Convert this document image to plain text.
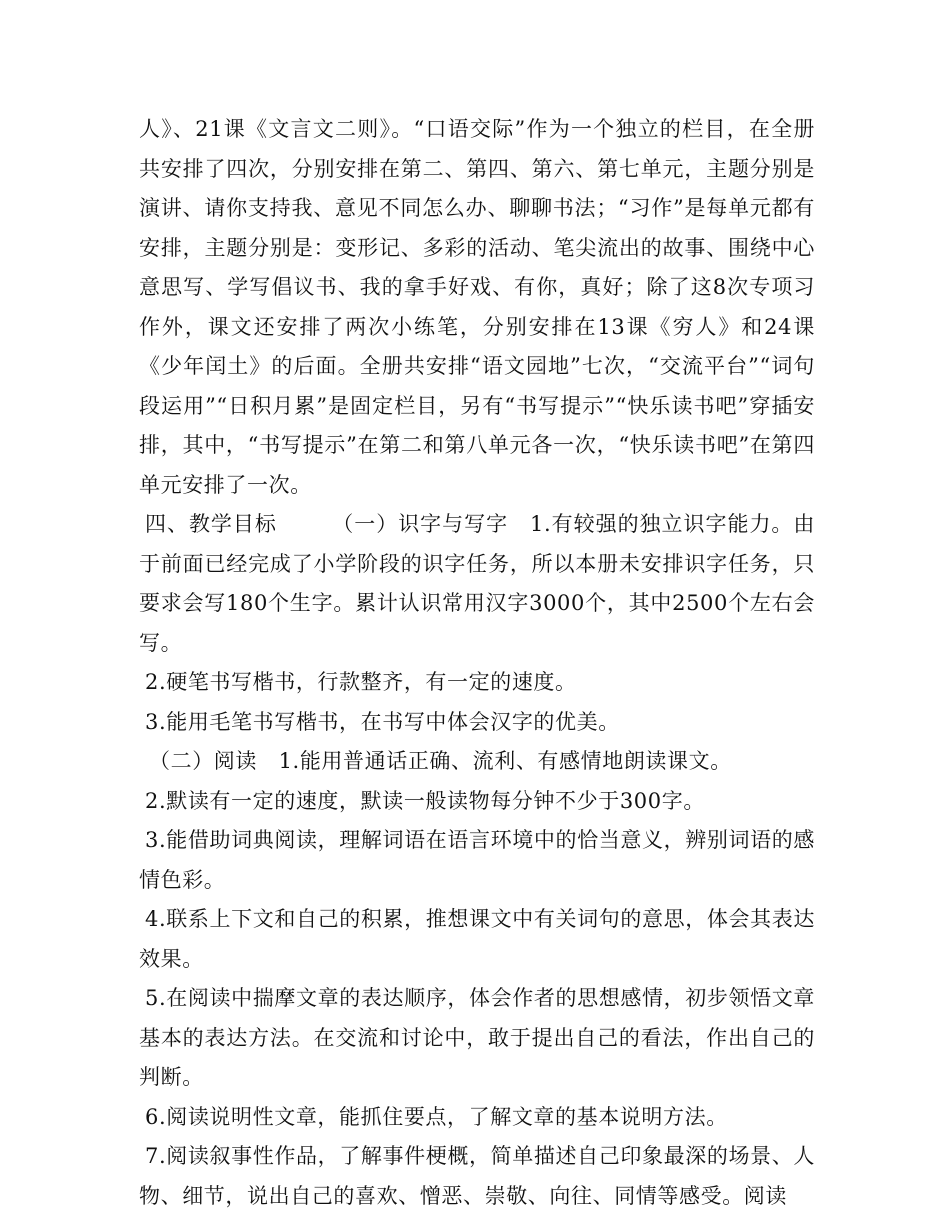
人》、21课《文言文二则》。“口语交际”作为一个独立的栏目，在全册共安排了四次，分别安排在第二、第四、第六、第七单元，主题分别是演讲、请你支持我、意见不同怎么办、聊聊书法；“习作”是每单元都有安排，主题分别是：变形记、多彩的活动、笔尖流出的故事、围绕中心意思写、学写倡议书、我的拿手好戏、有你，真好；除了这8次专项习作外，课文还安排了两次小练笔，分别安排在13课《穷人》和24课《少年闰土》的后面。全册共安排“语文园地”七次，“交流平台”“词句段运用”“日积月累”是固定栏目，另有“书写提示”“快乐读书吧”穿插安排，其中，“书写提示”在第二和第八单元各一次，“快乐读书吧”在第四单元安排了一次。

四、教学目标　　　（一）识字与写字　1.有较强的独立识字能力。由于前面已经完成了小学阶段的识字任务，所以本册未安排识字任务，只要求会写180个生字。累计认识常用汉字3000个，其中2500个左右会写。

2.硬笔书写楷书，行款整齐，有一定的速度。

3.能用毛笔书写楷书，在书写中体会汉字的优美。

（二）阅读　1.能用普通话正确、流利、有感情地朗读课文。

2.默读有一定的速度，默读一般读物每分钟不少于300字。

3.能借助词典阅读，理解词语在语言环境中的恰当意义，辨别词语的感情色彩。

4.联系上下文和自己的积累，推想课文中有关词句的意思，体会其表达效果。

5.在阅读中揣摩文章的表达顺序，体会作者的思想感情，初步领悟文章基本的表达方法。在交流和讨论中，敢于提出自己的看法，作出自己的判断。

6.阅读说明性文章，能抓住要点，了解文章的基本说明方法。

7.阅读叙事性作品，了解事件梗概，简单描述自己印象最深的场景、人物、细节，说出自己的喜欢、憎恶、崇敬、向往、同情等感受。阅读
